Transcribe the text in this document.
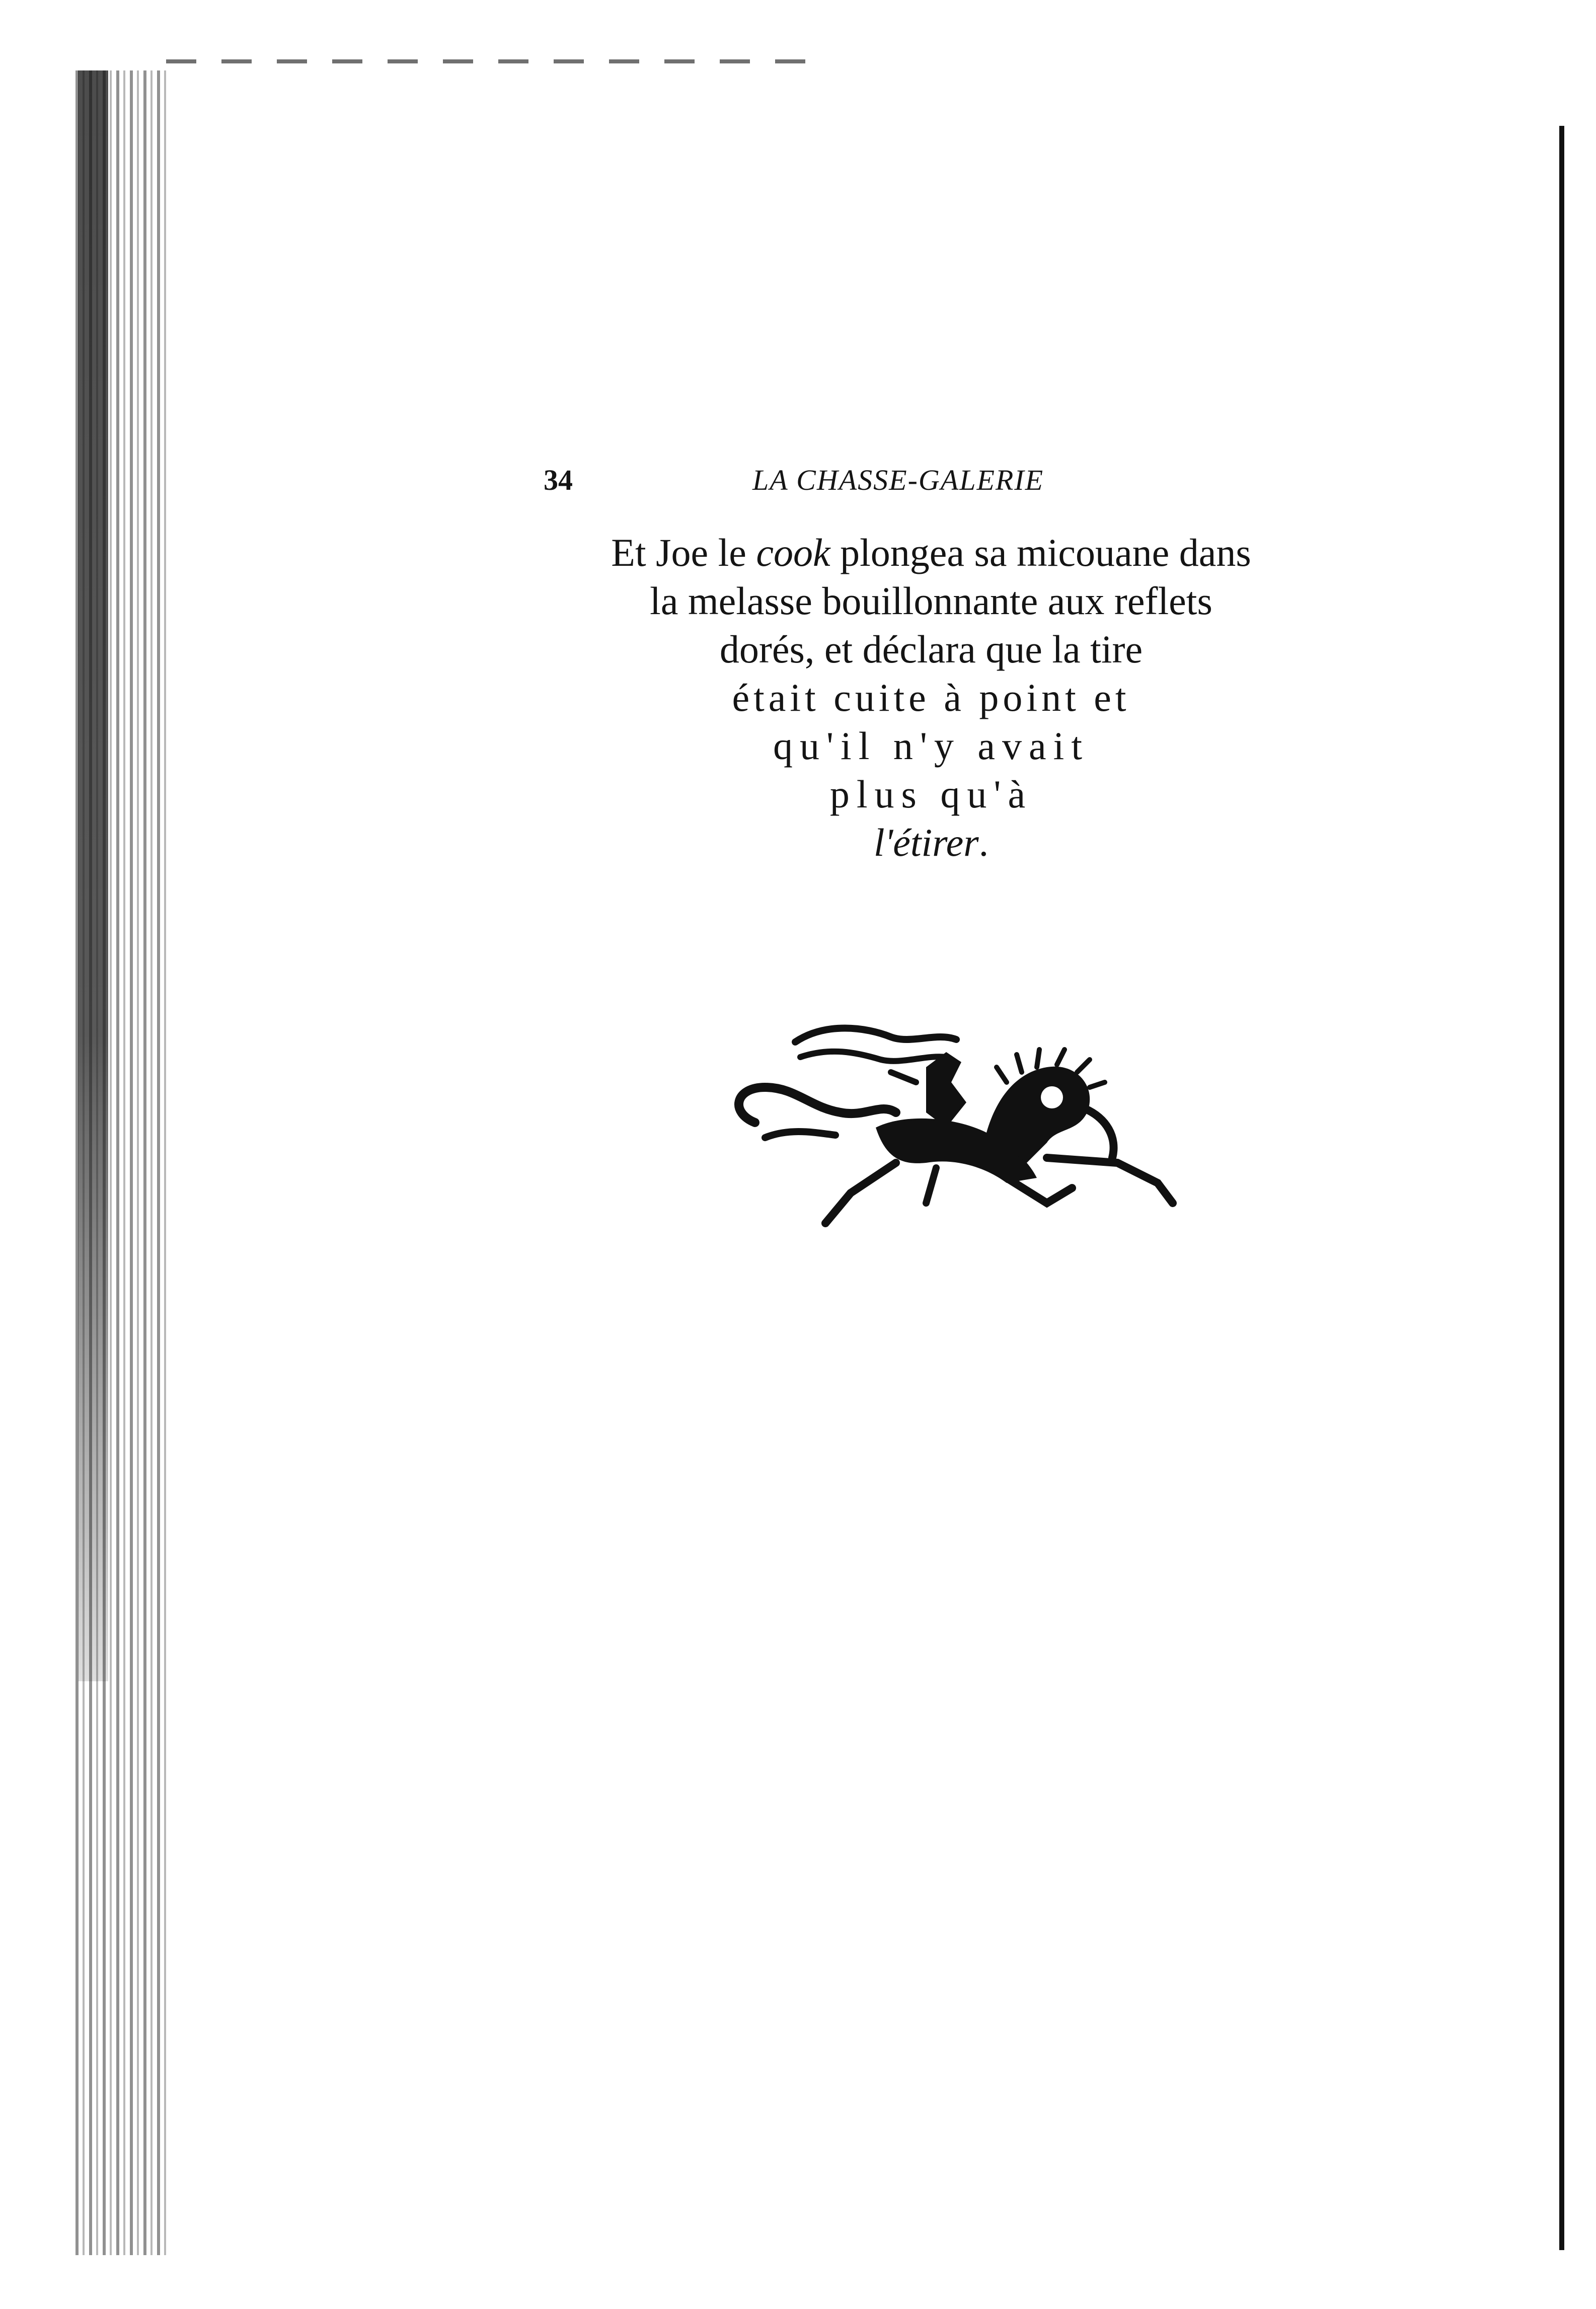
34	LA CHASSE-GALERIE
Et Joe le cook plongea sa micouane dans
la melasse bouillonnante aux reflets
dorés, et déclara que la tire
était cuite à point et
qu'il n'y avait
plus qu'à
l'étirer.
